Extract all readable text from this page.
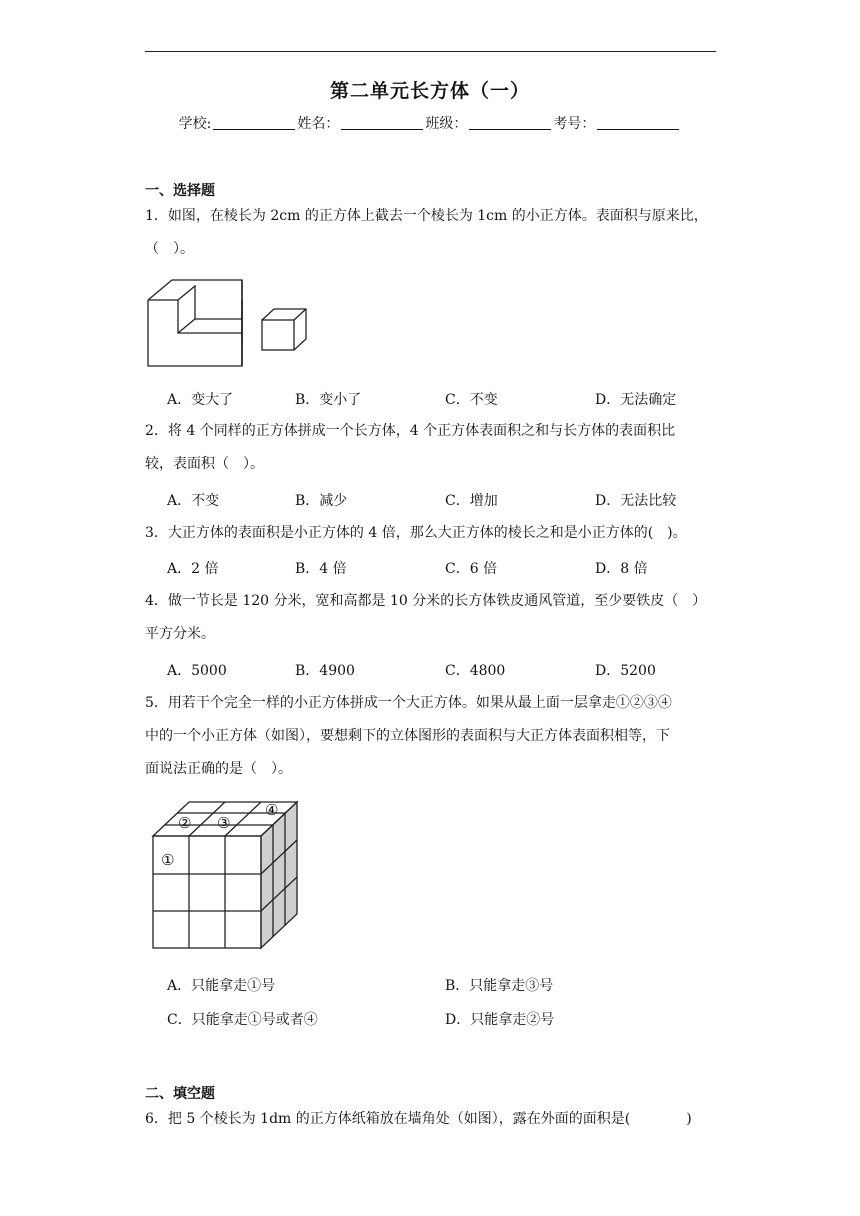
第二单元长方体（一）
学校:	姓名：	班级：	考号：
一、选择题
1．如图，在棱长为 2cm 的正方体上截去一个棱长为 1cm 的小正方体。表面积与原来比，
（　）。
A．变大了	B．变小了	C．不变	D．无法确定
2．将 4 个同样的正方体拼成一个长方体，4 个正方体表面积之和与长方体的表面积比
较，表面积（　）。
A．不变	B．减少	C．增加	D．无法比较
3．大正方体的表面积是小正方体的 4 倍，那么大正方体的棱长之和是小正方体的(　)。
A．2 倍	B．4 倍	C．6 倍	D．8 倍
4．做一节长是 120 分米，宽和高都是 10 分米的长方体铁皮通风管道，至少要铁皮（　）
平方分米。
A．5000	B．4900	C．4800	D．5200
5．用若干个完全一样的小正方体拼成一个大正方体。如果从最上面一层拿走①②③④
中的一个小正方体（如图），要想剩下的立体图形的表面积与大正方体表面积相等，下
面说法正确的是（　）。
①
② ③
④
A．只能拿走①号	B．只能拿走③号
C．只能拿走①号或者④	D．只能拿走②号
二、填空题
6．把 5 个棱长为 1dm 的正方体纸箱放在墙角处（如图），露在外面的面积是(　　　　)
